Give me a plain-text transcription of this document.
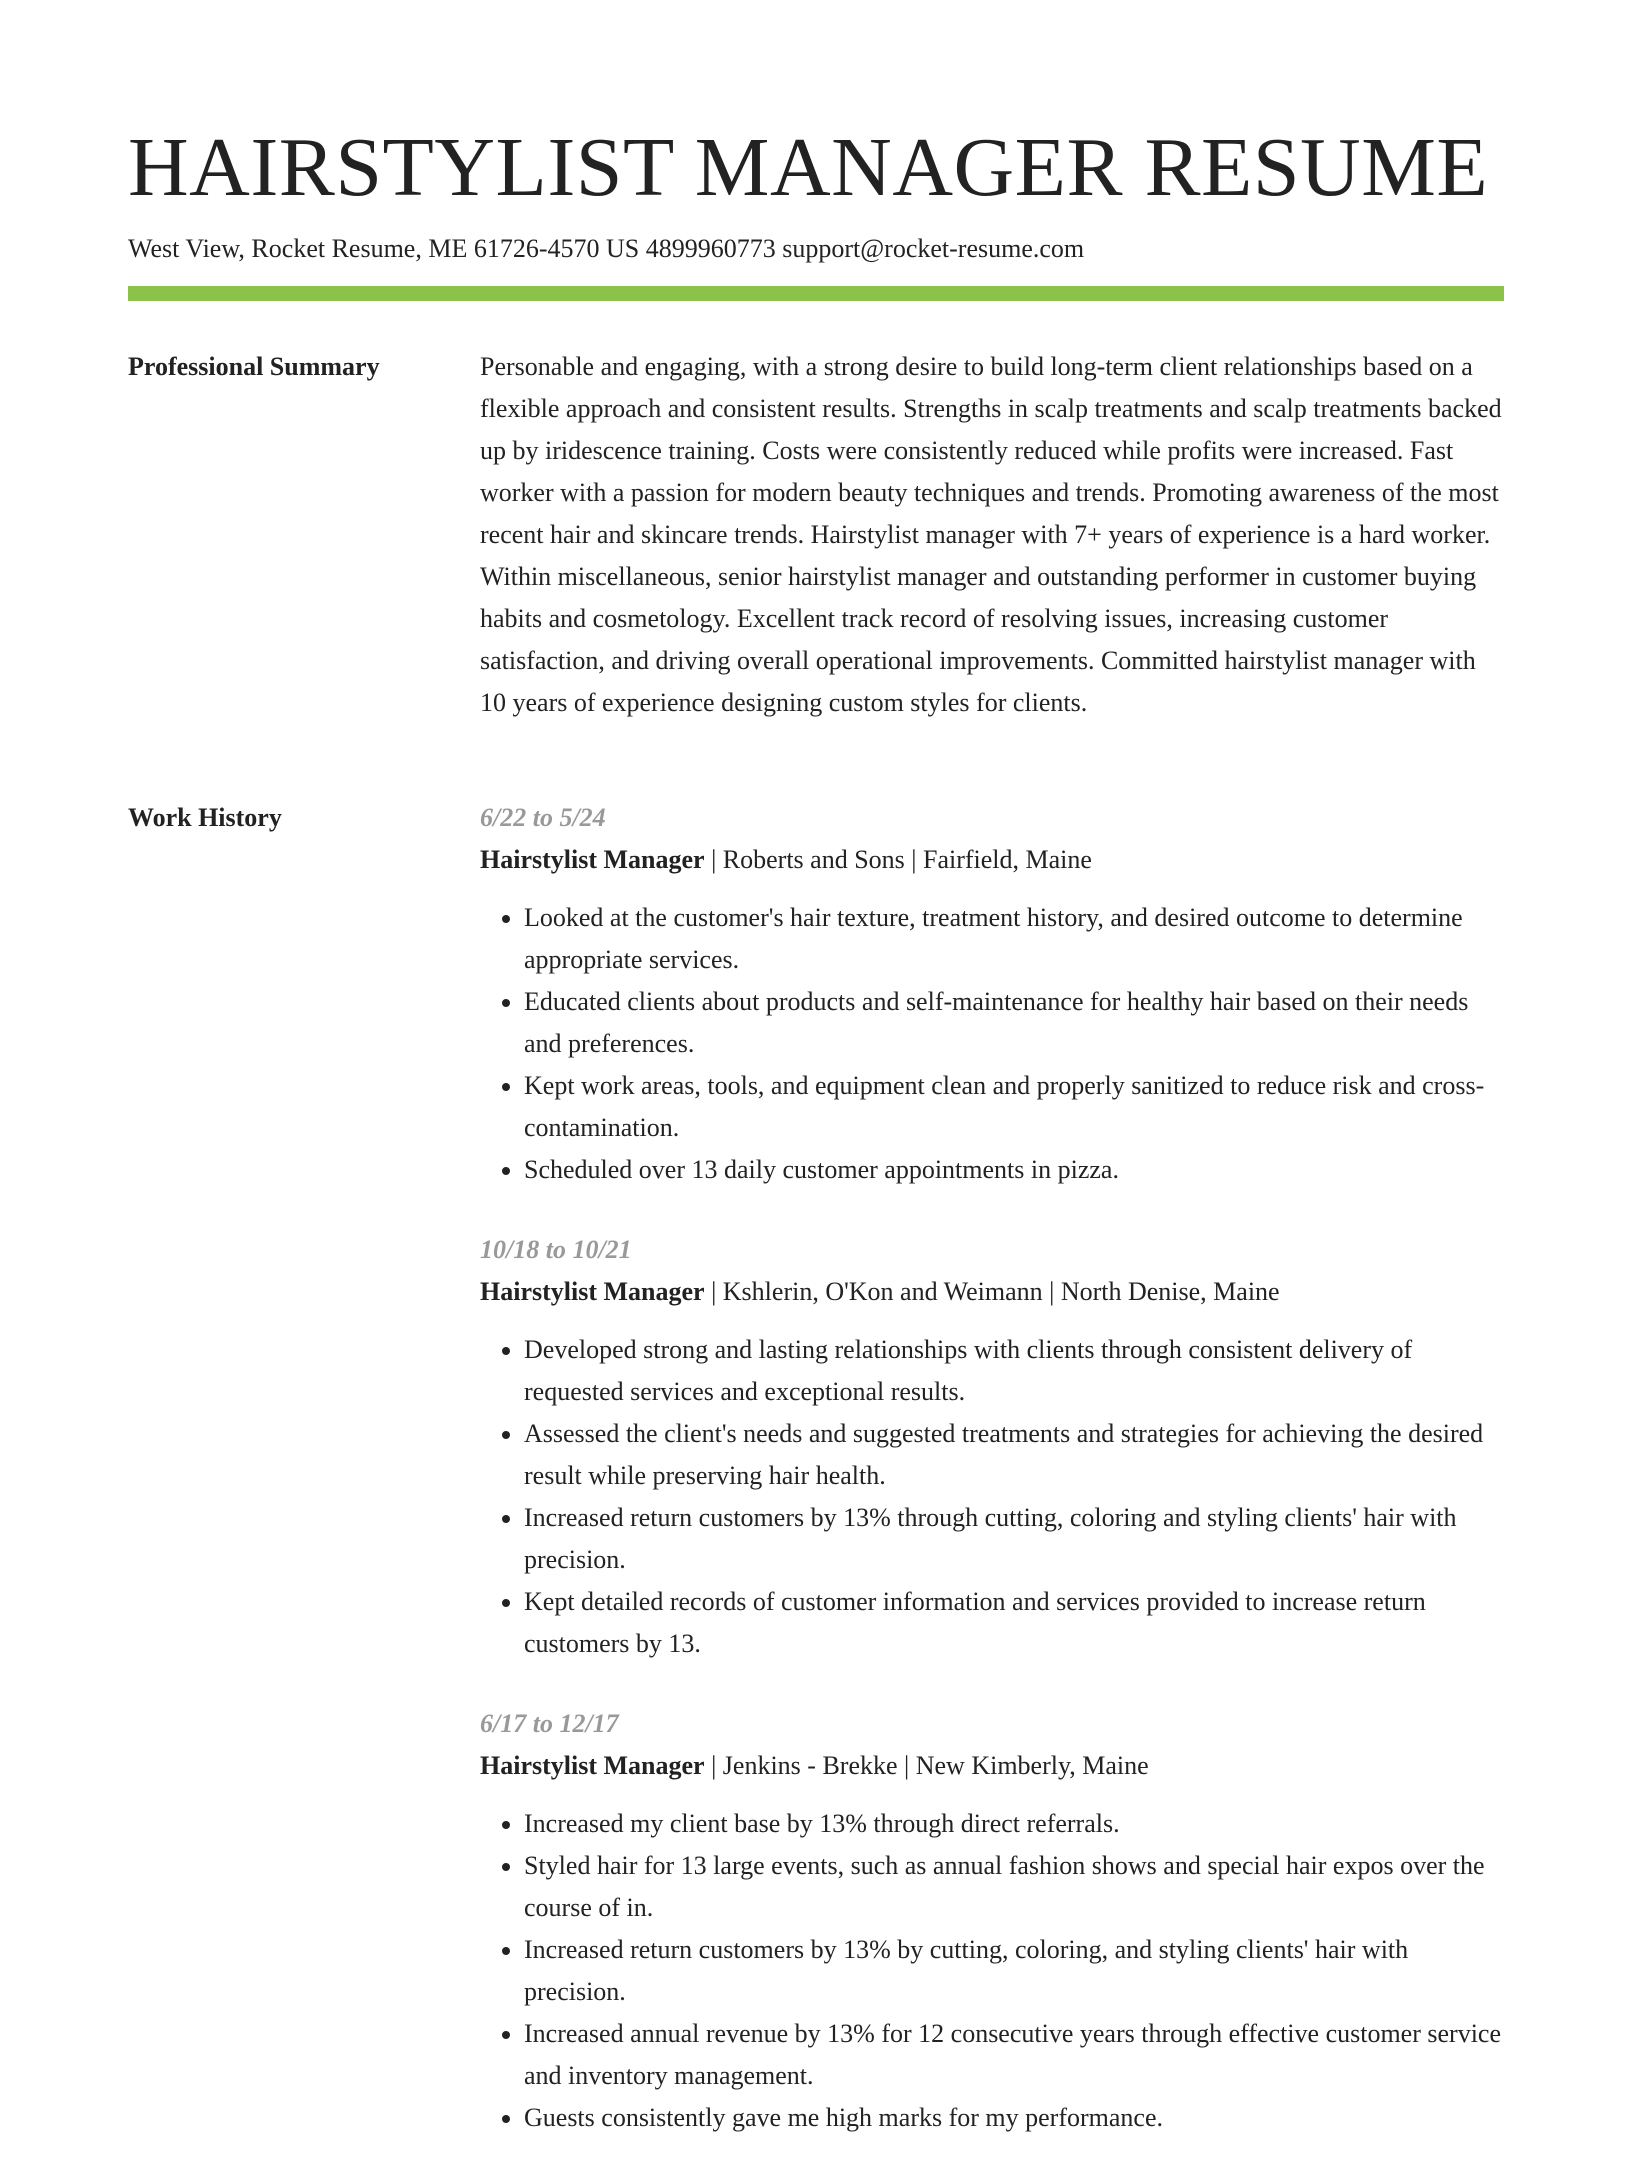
HAIRSTYLIST MANAGER RESUME
West View, Rocket Resume, ME 61726-4570 US 4899960773 support@rocket-resume.com
Professional Summary	Personable and engaging, with a strong desire to build long-term client relationships based on a flexible approach and consistent results. Strengths in scalp treatments and scalp treatments backed up by iridescence training. Costs were consistently reduced while profits were increased. Fast worker with a passion for modern beauty techniques and trends. Promoting awareness of the most recent hair and skincare trends. Hairstylist manager with 7+ years of experience is a hard worker. Within miscellaneous, senior hairstylist manager and outstanding performer in customer buying habits and cosmetology. Excellent track record of resolving issues, increasing customer satisfaction, and driving overall operational improvements. Committed hairstylist manager with 10 years of experience designing custom styles for clients.

Work History	6/22 to 5/24
Hairstylist Manager | Roberts and Sons | Fairfield, Maine
• Looked at the customer's hair texture, treatment history, and desired outcome to determine appropriate services.
• Educated clients about products and self-maintenance for healthy hair based on their needs and preferences.
• Kept work areas, tools, and equipment clean and properly sanitized to reduce risk and cross-contamination.
• Scheduled over 13 daily customer appointments in pizza.
10/18 to 10/21
Hairstylist Manager | Kshlerin, O'Kon and Weimann | North Denise, Maine
• Developed strong and lasting relationships with clients through consistent delivery of requested services and exceptional results.
• Assessed the client's needs and suggested treatments and strategies for achieving the desired result while preserving hair health.
• Increased return customers by 13% through cutting, coloring and styling clients' hair with precision.
• Kept detailed records of customer information and services provided to increase return customers by 13.
6/17 to 12/17
Hairstylist Manager | Jenkins - Brekke | New Kimberly, Maine
• Increased my client base by 13% through direct referrals.
• Styled hair for 13 large events, such as annual fashion shows and special hair expos over the course of in.
• Increased return customers by 13% by cutting, coloring, and styling clients' hair with precision.
• Increased annual revenue by 13% for 12 consecutive years through effective customer service and inventory management.
• Guests consistently gave me high marks for my performance.
